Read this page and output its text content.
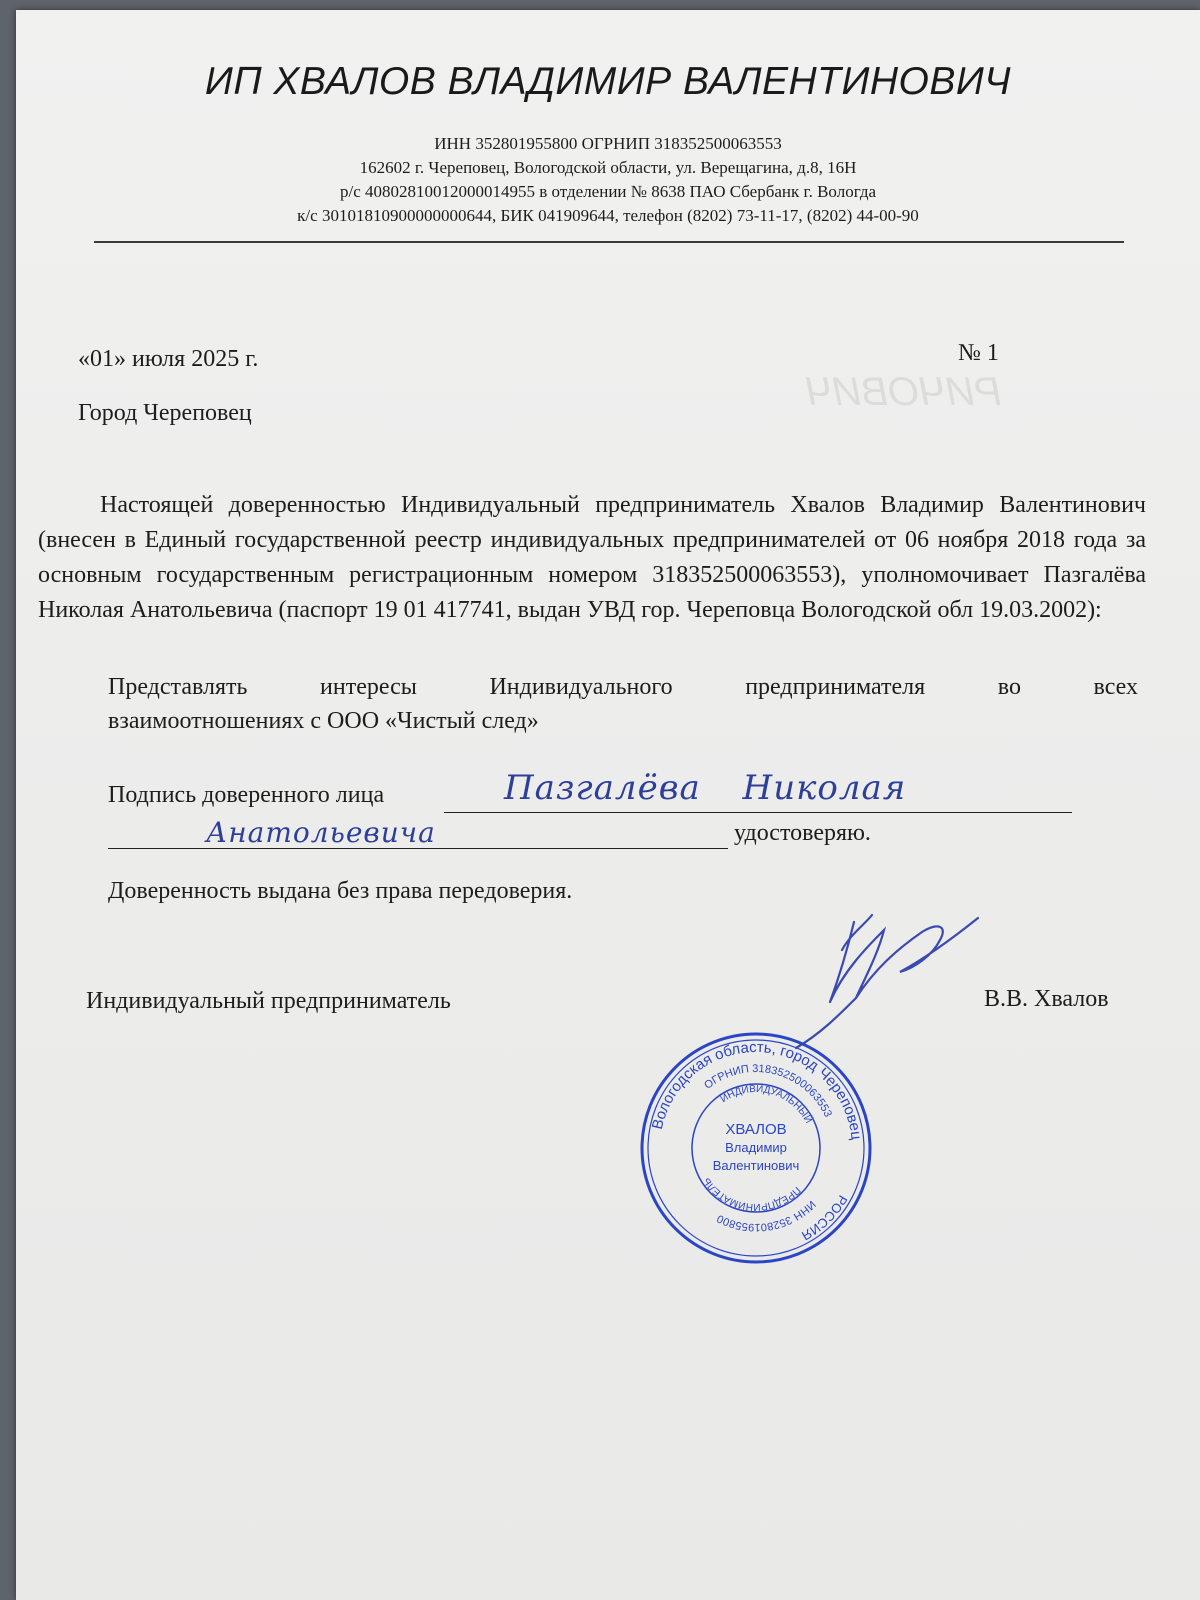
РИЧОВИЧ
ИП ХВАЛОВ ВЛАДИМИР ВАЛЕНТИНОВИЧ
ИНН 352801955800 ОГРНИП 318352500063553
162602 г. Череповец, Вологодской области, ул. Верещагина, д.8, 16Н
р/с 40802810012000014955 в отделении № 8638 ПАО Сбербанк г. Вологда
к/с 30101810900000000644, БИК 041909644, телефон (8202) 73-11-17, (8202) 44-00-90
«01» июля 2025 г.	№ 1
Город Череповец
Настоящей доверенностью Индивидуальный предприниматель Хвалов Владимир Валентинович (внесен в Единый государственной реестр индивидуальных предпринимателей от 06 ноября 2018 года за основным государственным регистрационным номером 318352500063553), уполномочивает Пазгалёва Николая Анатольевича (паспорт 19 01 417741, выдан УВД гор. Череповца Вологодской обл 19.03.2002):
Представлять интересы Индивидуального предпринимателя во всех
взаимоотношениях с ООО «Чистый след»
Подпись доверенного лица	Пазгалёва Николая
Анатольевича	удостоверяю.
Доверенность выдана без права передоверия.
Индивидуальный предприниматель	В.В. Хвалов
Вологодская область, город Череповец
РОССИЯ
ОГРНИП 318352500063553
ИНН 352801955800
ИНДИВИДУАЛЬНЫЙ
ПРЕДПРИНИМАТЕЛЬ
ХВАЛОВ
Владимир
Валентинович
